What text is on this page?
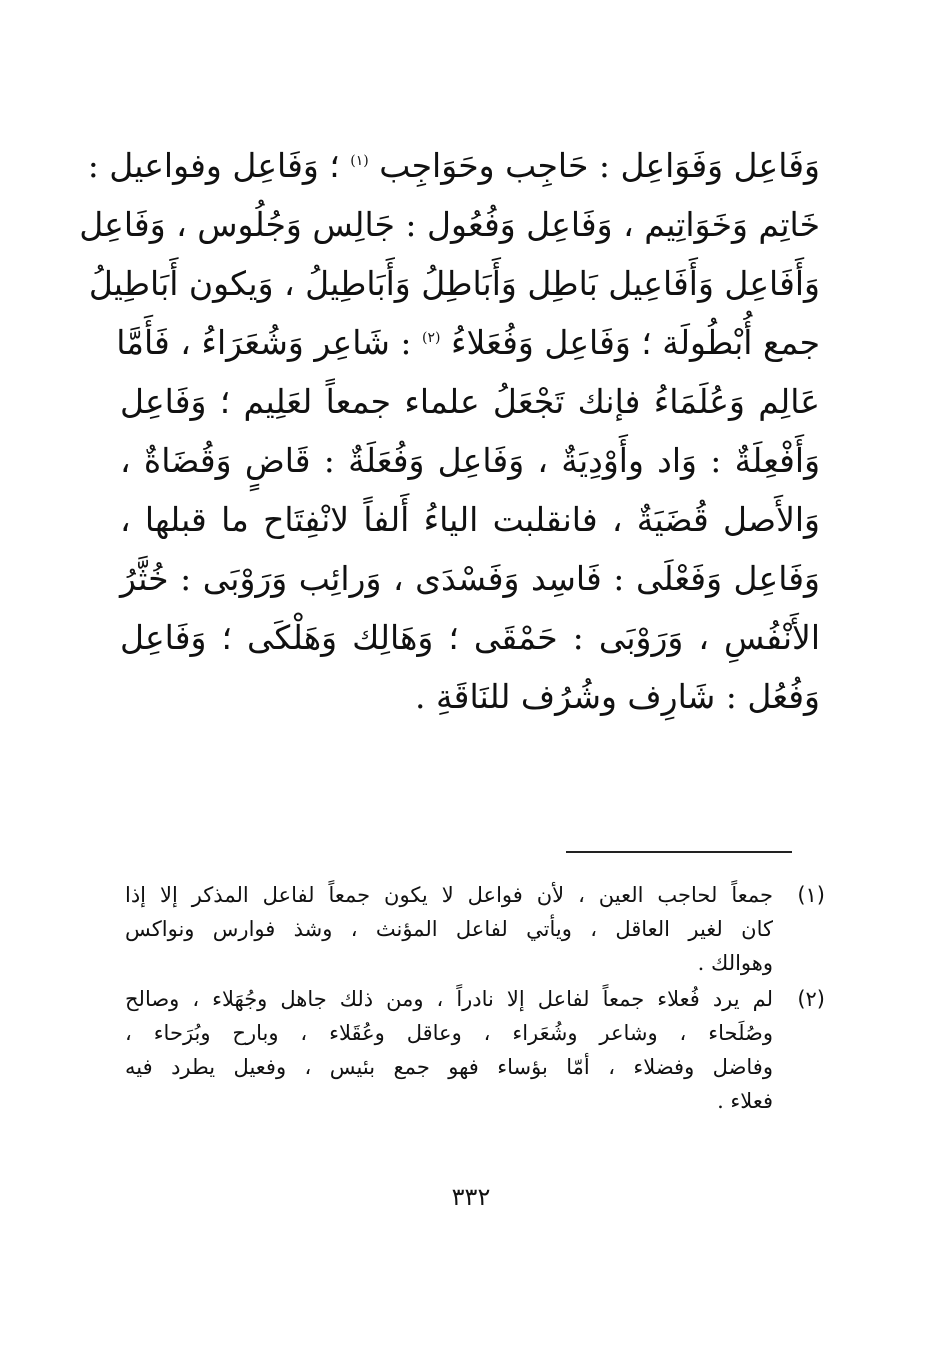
وَفَاعِل وَفَوَاعِل : حَاجِب وحَوَاجِب $^{(١)}$ ؛ وَفَاعِل وفواعيل :
خَاتِم وَخَوَاتِيم ، وَفَاعِل وَفُعُول : جَالِس وَجُلُوس ، وَفَاعِل
وَأَفَاعِل وَأَفَاعِيل بَاطِل وَأَبَاطِلُ وَأَبَاطِيلُ ، وَيكون أَبَاطِيلُ
جمع أُبْطُولَة ؛ وَفَاعِل وَفُعَلاءُ $^{(٢)}$ : شَاعِر وَشُعَرَاءُ ، فَأَمَّا
عَالِم وَعُلَمَاءُ فإنك تَجْعَلُ علماء جمعاً لعَلِيم ؛ وَفَاعِل
وَأَفْعِلَةٌ : وَاد وأَوْدِيَةٌ ، وَفَاعِل وَفُعَلَةٌ : قَاضٍ وَقُضَاةٌ ،
وَالأَصل قُضَيَةٌ ، فانقلبت الياءُ أَلفاً لانْفِتَاح ما قبلها ،
وَفَاعِل وَفَعْلَى : فَاسِد وَفَسْدَى ، وَرائِب وَرَوْبَى : خُثَّرُ
الأَنْفُسِ ، وَرَوْبَى : حَمْقَى ؛ وَهَالِك وَهَلْكَى ؛ وَفَاعِل
وَفُعُل : شَارِف وشُرُف للنَاقَةِ .
(١)
جمعاً لحاجب العين ، لأن فواعل لا يكون جمعاً لفاعل المذكر إلا إذا
كان لغير العاقل ، ويأتي لفاعل المؤنث ، وشذ فوارس ونواكس
وهوالك .
(٢)
لم يرد فُعلاء جمعاً لفاعل إلا نادراً ، ومن ذلك جاهل وجُهَلاء ، وصالح
وصُلَحاء ، وشاعر وشُعَراء ، وعاقل وعُقَلاء ، وبارح وبُرَحاء ،
وفاضل وفضلاء ، أمّا بؤساء فهو جمع بئيس ، وفعيل يطرد فيه
فعلاء .
٣٣٢
